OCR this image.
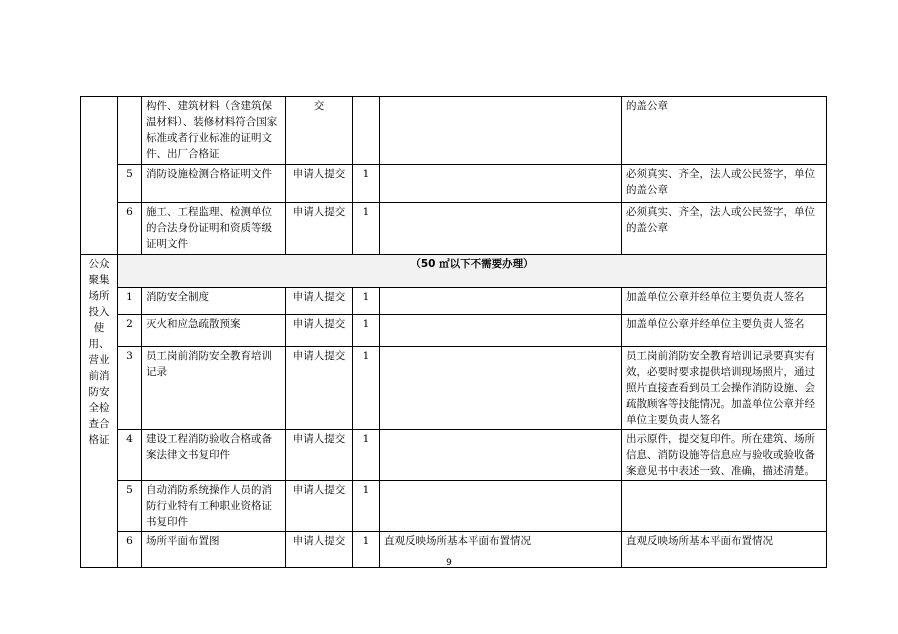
		构件、建筑材料（含建筑保温材料）、装修材料符合国家标准或者行业标准的证明文件、出厂合格证	交			的盖公章
	5	消防设施检测合格证明文件	申请人提交	1		必须真实、齐全，法人或公民签字，单位的盖公章
	6	施工、工程监理、检测单位的合法身份证明和资质等级证明文件	申请人提交	1		必须真实、齐全，法人或公民签字，单位的盖公章
公众聚集场所投入使用、营业前消防安全检查合格证	（50 ㎡以下不需要办理）					
	1	消防安全制度	申请人提交	1		加盖单位公章并经单位主要负责人签名
	2	灭火和应急疏散预案	申请人提交	1		加盖单位公章并经单位主要负责人签名
	3	员工岗前消防安全教育培训记录	申请人提交	1		员工岗前消防安全教育培训记录要真实有效，必要时要求提供培训现场照片，通过照片直接查看到员工会操作消防设施、会疏散顾客等技能情况。加盖单位公章并经单位主要负责人签名
	4	建设工程消防验收合格或备案法律文书复印件	申请人提交	1		出示原件，提交复印件。所在建筑、场所信息、消防设施等信息应与验收或验收备案意见书中表述一致、准确，描述清楚。
	5	自动消防系统操作人员的消防行业特有工种职业资格证书复印件	申请人提交	1		
	6	场所平面布置图	申请人提交	1	直观反映场所基本平面布置情况	直观反映场所基本平面布置情况
9
